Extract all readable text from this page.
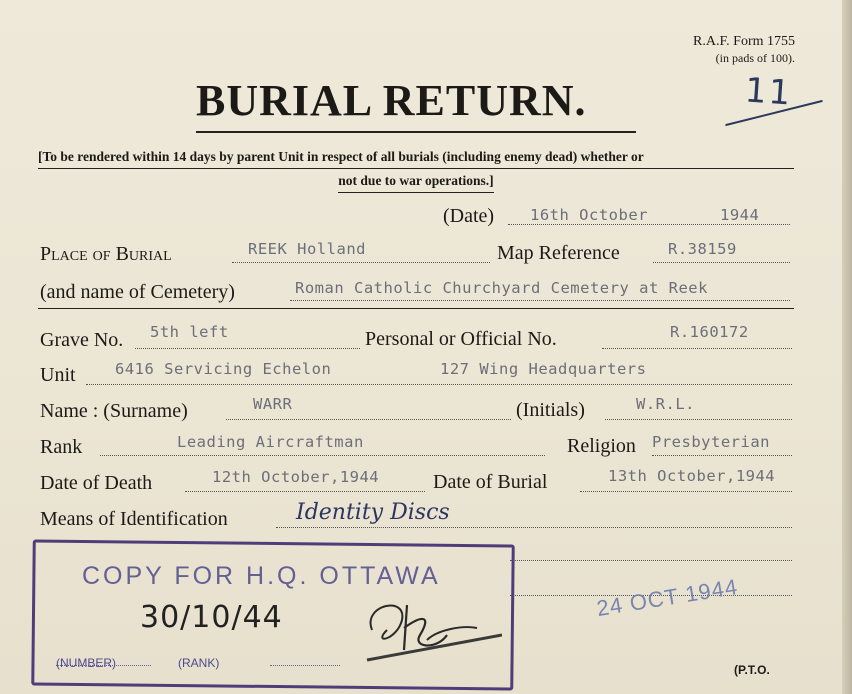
R.A.F. Form 1755
(in pads of 100).
11
BURIAL RETURN.
[To be rendered within 14 days by parent Unit in respect of all burials (including enemy dead) whether or
not due to war operations.]
(Date) 16th October	1944
Place of Burial	REEK Holland	Map Reference	R.38159
(and name of Cemetery)	Roman Catholic Churchyard Cemetery at Reek
Grave No. 5th left	Personal or Official No.	R.160172
Unit	6416 Servicing Echelon	127 Wing Headquarters
Name : (Surname)	WARR	(Initials)	W.R.L.
Rank	Leading Aircraftman	Religion Presbyterian
Date of Death	12th October,1944	Date of Burial	13th October,1944
Means of Identification	Identity Discs
COPY FOR H.Q. OTTAWA
30/10/44
(NUMBER)	(RANK)
24 OCT 1944
(P.T.O.
